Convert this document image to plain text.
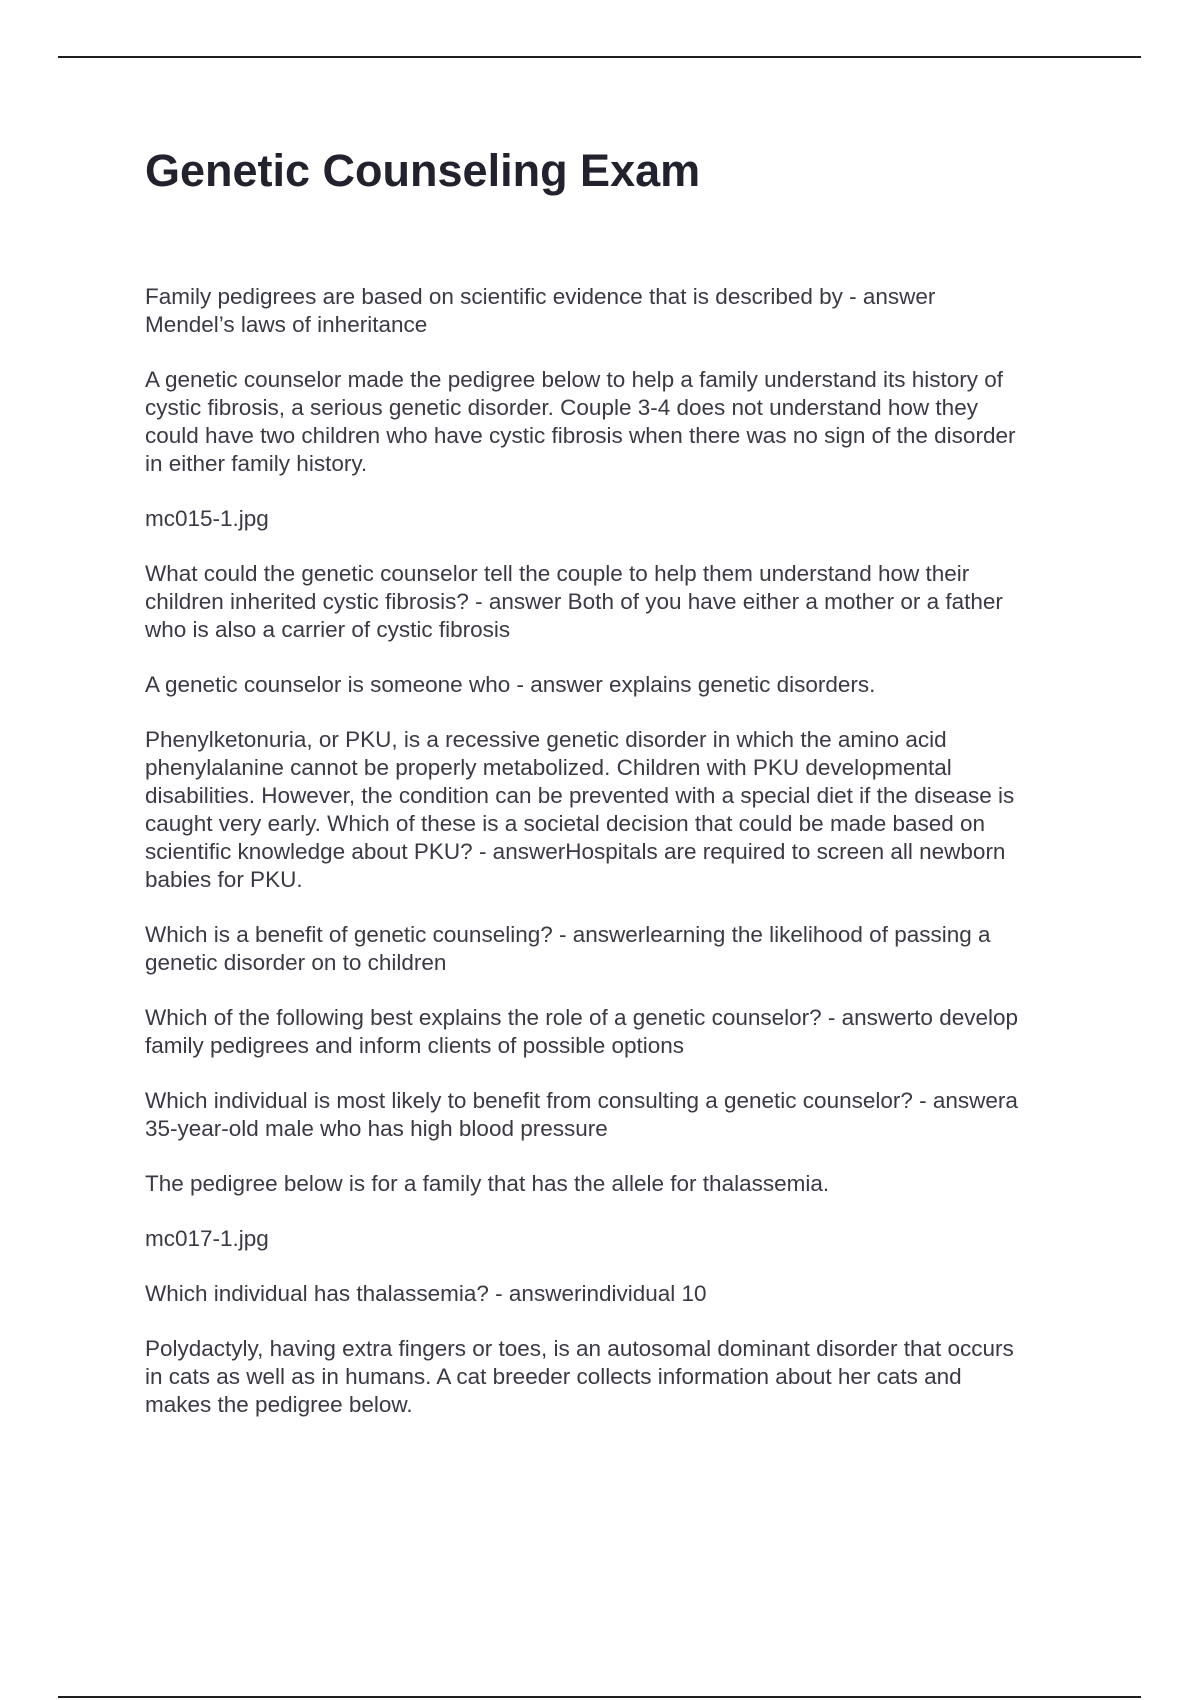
Genetic Counseling Exam

Family pedigrees are based on scientific evidence that is described by - answer
Mendel’s laws of inheritance

A genetic counselor made the pedigree below to help a family understand its history of
cystic fibrosis, a serious genetic disorder. Couple 3-4 does not understand how they
could have two children who have cystic fibrosis when there was no sign of the disorder
in either family history.

mc015-1.jpg

What could the genetic counselor tell the couple to help them understand how their
children inherited cystic fibrosis? - answer Both of you have either a mother or a father
who is also a carrier of cystic fibrosis

A genetic counselor is someone who - answer explains genetic disorders.

Phenylketonuria, or PKU, is a recessive genetic disorder in which the amino acid
phenylalanine cannot be properly metabolized. Children with PKU developmental
disabilities. However, the condition can be prevented with a special diet if the disease is
caught very early. Which of these is a societal decision that could be made based on
scientific knowledge about PKU? - answerHospitals are required to screen all newborn
babies for PKU.

Which is a benefit of genetic counseling? - answerlearning the likelihood of passing a
genetic disorder on to children

Which of the following best explains the role of a genetic counselor? - answerto develop
family pedigrees and inform clients of possible options

Which individual is most likely to benefit from consulting a genetic counselor? - answera
35-year-old male who has high blood pressure

The pedigree below is for a family that has the allele for thalassemia.

mc017-1.jpg

Which individual has thalassemia? - answerindividual 10

Polydactyly, having extra fingers or toes, is an autosomal dominant disorder that occurs
in cats as well as in humans. A cat breeder collects information about her cats and
makes the pedigree below.
